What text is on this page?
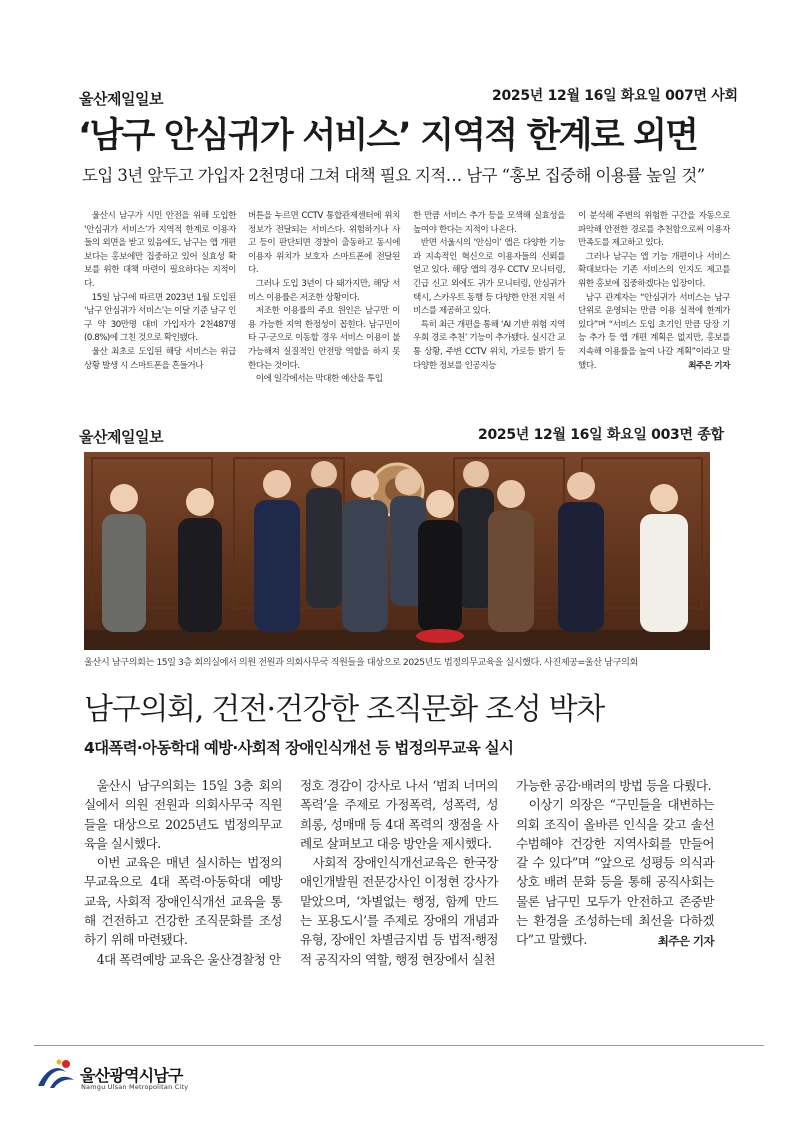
울산제일일보	2025년 12월 16일 화요일 007면 사회
‘남구 안심귀가 서비스’ 지역적 한계로 외면
도입 3년 앞두고 가입자 2천명대 그쳐 대책 필요 지적… 남구 “홍보 집중해 이용률 높일 것”

울산시 남구가 시민 안전을 위해 도입한 ‘안심귀가 서비스’가 지역적 한계로 이용자들의 외면을 받고 있음에도, 남구는 앱 개편보다는 홍보에만 집중하고 있어 실효성 확보를 위한 대책 마련이 필요하다는 지적이다.

15일 남구에 따르면 2023년 1월 도입된 ‘남구 안심귀가 서비스’는 이달 기준 남구 인구 약 30만명 대비 가입자가 2천487명(0.8%)에 그친 것으로 확인됐다.

울산 최초로 도입된 해당 서비스는 위급 상황 발생 시 스마트폰을 흔들거나

버튼을 누르면 CCTV 통합관제센터에 위치 정보가 전달되는 서비스다. 위험하거나 사고 등이 판단되면 경찰이 출동하고 동시에 이용자 위치가 보호자 스마트폰에 전달된다.

그러나 도입 3년이 다 돼가지만, 해당 서비스 이용률은 저조한 상황이다.

저조한 이용률의 주요 원인은 남구만 이용 가능한 지역 한정성이 꼽힌다. 남구민이 타 구·군으로 이동할 경우 서비스 이용이 불가능해져 실질적인 안전망 역할을 하지 못한다는 것이다.

이에 일각에서는 막대한 예산을 투입

한 만큼 서비스 추가 등을 모색해 실효성을 높여야 한다는 지적이 나온다.

반면 서울시의 ‘안심이’ 앱은 다양한 기능과 지속적인 혁신으로 이용자들의 신뢰를 얻고 있다. 해당 앱의 경우 CCTV 모니터링, 긴급 신고 외에도 귀가 모니터링, 안심귀가 택시, 스카우트 동행 등 다양한 안전 지원 서비스를 제공하고 있다.

특히 최근 개편을 통해 ‘AI 기반 위험 지역 우회 경로 추천’ 기능이 추가됐다. 실시간 교통 상황, 주변 CCTV 위치, 가로등 밝기 등 다양한 정보를 인공지능

이 분석해 주변의 위험한 구간을 자동으로 파악해 안전한 경로를 추천함으로써 이용자 만족도를 제고하고 있다.

그러나 남구는 앱 기능 개편이나 서비스 확대보다는 기존 서비스의 인지도 제고를 위한 홍보에 집중하겠다는 입장이다.

남구 관계자는 “안심귀가 서비스는 남구 단위로 운영되는 만큼 이용 실적에 한계가 있다”며 “서비스 도입 초기인 만큼 당장 기능 추가 등 앱 개편 계획은 없지만, 홍보를 지속해 이용률을 높여 나갈 계획”이라고 말했다.	최주은 기자
울산제일일보	2025년 12월 16일 화요일 003면 종합
울산시 남구의회는 15일 3층 회의실에서 의원 전원과 의회사무국 직원들을 대상으로 2025년도 법정의무교육을 실시했다. 사진제공=울산 남구의회
남구의회, 건전·건강한 조직문화 조성 박차
4대폭력·아동학대 예방·사회적 장애인식개선 등 법정의무교육 실시

울산시 남구의회는 15일 3층 회의실에서 의원 전원과 의회사무국 직원들을 대상으로 2025년도 법정의무교육을 실시했다.

이번 교육은 매년 실시하는 법정의무교육으로 4대 폭력·아동학대 예방 교육, 사회적 장애인식개선 교육을 통해 건전하고 건강한 조직문화를 조성하기 위해 마련됐다.

4대 폭력예방 교육은 울산경찰청 안

정호 경감이 강사로 나서 ‘범죄 너머의 폭력’을 주제로 가정폭력, 성폭력, 성희롱, 성매매 등 4대 폭력의 쟁점을 사례로 살펴보고 대응 방안을 제시했다.

사회적 장애인식개선교육은 한국장애인개발원 전문강사인 이정현 강사가 맡았으며, ‘차별없는 행정, 함께 만드는 포용도시’를 주제로 장애의 개념과 유형, 장애인 차별금지법 등 법적·행정적 공직자의 역할, 행정 현장에서 실천

가능한 공감·배려의 방법 등을 다뤘다.

이상기 의장은 “구민들을 대변하는 의회 조직이 올바른 인식을 갖고 솔선수범해야 건강한 지역사회를 만들어 갈 수 있다”며 “앞으로 성평등 의식과 상호 배려 문화 등을 통해 공직사회는 물론 남구민 모두가 안전하고 존중받는 환경을 조성하는데 최선을 다하겠다”고 말했다.	최주은 기자
울산광역시남구
Namgu Ulsan Metropolitan City
